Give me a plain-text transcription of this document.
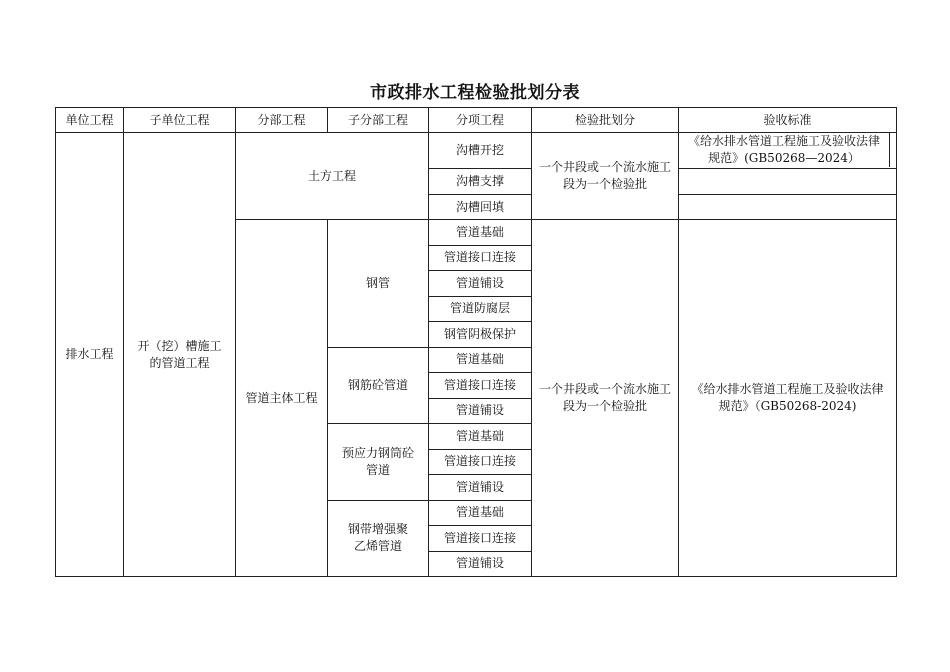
市政排水工程检验批划分表
单位工程	子单位工程	分部工程	子分部工程	分项工程	检验批划分	验收标准
排水工程	开（挖）槽施工的管道工程	土方工程		沟槽开挖	一个井段或一个流水施工段为一个检验批	《给水排水管道工程施工及验收法律规范》(GB50268—2024）

				沟槽支撑		
				沟槽回填		
		管道主体工程	钢管	管道基础	一个井段或一个流水施工段为一个检验批	《给水排水管道工程施工及验收法律规范》（GB50268-2024)
				管道接口连接		
				管道铺设		
				管道防腐层		
				钢管阴极保护		
			钢筋砼管道	管道基础		
				管道接口连接		
				管道铺设		
			预应力钢筒砼管道	管道基础		
				管道接口连接		
				管道铺设		
			钢带增强聚乙烯管道	管道基础		
				管道接口连接		
				管道铺设		
